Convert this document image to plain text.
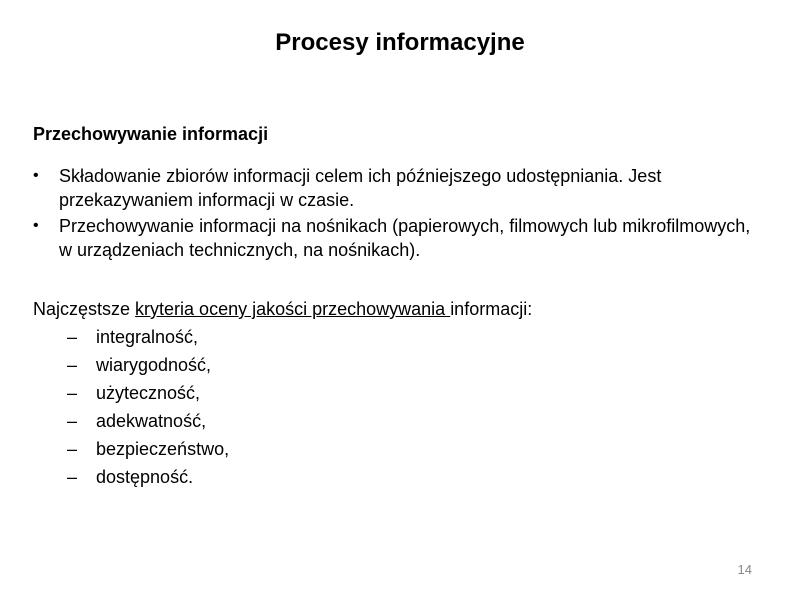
Procesy informacyjne
Przechowywanie informacji
• Składowanie zbiorów informacji celem ich późniejszego udostępniania. Jest przekazywaniem informacji w czasie.
• Przechowywanie informacji na nośnikach (papierowych, filmowych lub mikrofilmowych, w urządzeniach technicznych, na nośnikach).
Najczęstsze kryteria oceny jakości przechowywania informacji:
– integralność,
– wiarygodność,
– użyteczność,
– adekwatność,
– bezpieczeństwo,
– dostępność.
14
